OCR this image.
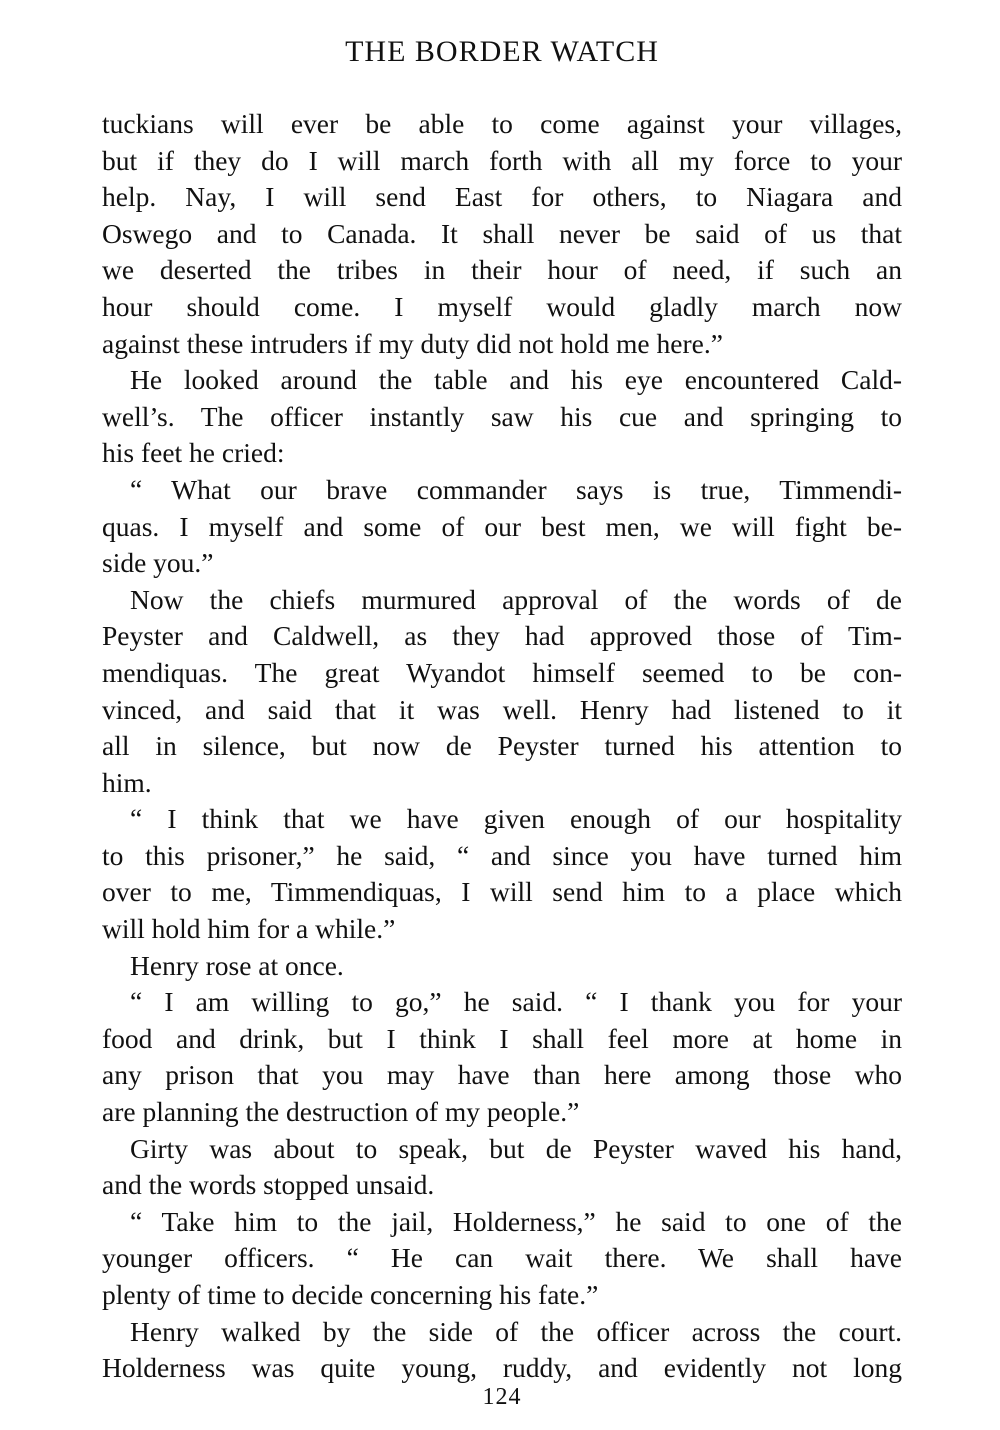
THE BORDER WATCH
tuckians will ever be able to come against your villages,
but if they do I will march forth with all my force to your
help. Nay, I will send East for others, to Niagara and
Oswego and to Canada. It shall never be said of us that
we deserted the tribes in their hour of need, if such an
hour should come. I myself would gladly march now
against these intruders if my duty did not hold me here.”
He looked around the table and his eye encountered Cald-
well’s. The officer instantly saw his cue and springing to
his feet he cried:
“ What our brave commander says is true, Timmendi-
quas. I myself and some of our best men, we will fight be-
side you.”
Now the chiefs murmured approval of the words of de
Peyster and Caldwell, as they had approved those of Tim-
mendiquas. The great Wyandot himself seemed to be con-
vinced, and said that it was well. Henry had listened to it
all in silence, but now de Peyster turned his attention to
him.
“ I think that we have given enough of our hospitality
to this prisoner,” he said, “ and since you have turned him
over to me, Timmendiquas, I will send him to a place which
will hold him for a while.”
Henry rose at once.
“ I am willing to go,” he said. “ I thank you for your
food and drink, but I think I shall feel more at home in
any prison that you may have than here among those who
are planning the destruction of my people.”
Girty was about to speak, but de Peyster waved his hand,
and the words stopped unsaid.
“ Take him to the jail, Holderness,” he said to one of the
younger officers. “ He can wait there. We shall have
plenty of time to decide concerning his fate.”
Henry walked by the side of the officer across the court.
Holderness was quite young, ruddy, and evidently not long
124
